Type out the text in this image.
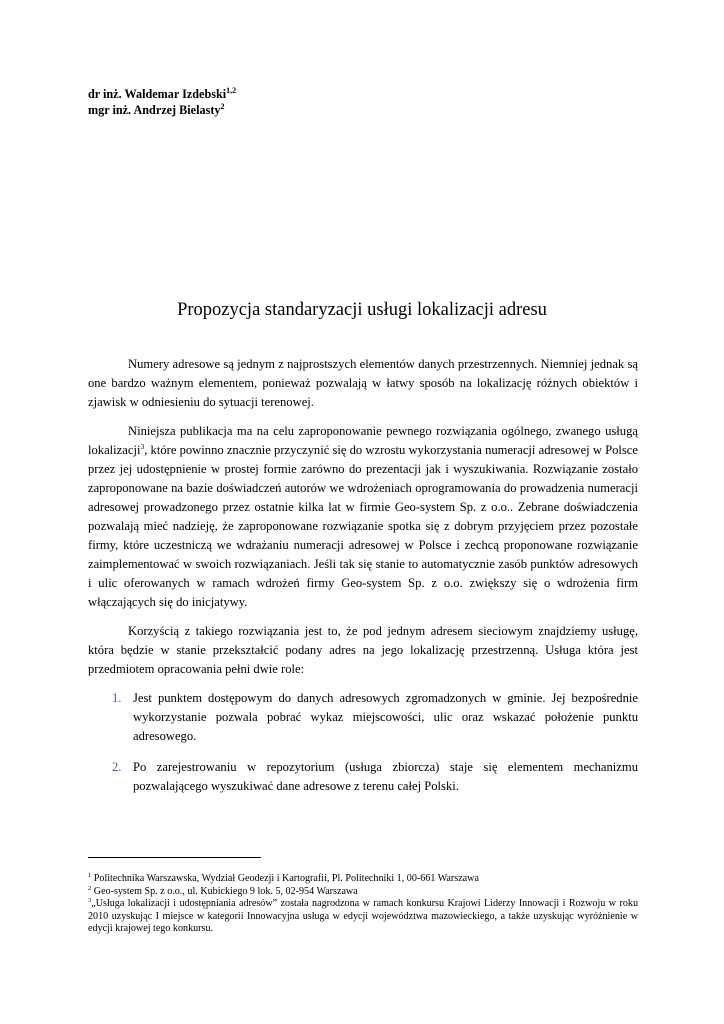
dr inż. Waldemar Izdebski$^{1,2}$
mgr inż. Andrzej Bielasty$^2$
Propozycja standaryzacji usługi lokalizacji adresu

Numery adresowe są jednym z najprostszych elementów danych przestrzennych. Niemniej jednak są one bardzo ważnym elementem, ponieważ pozwalają w łatwy sposób na lokalizację różnych obiektów i zjawisk w odniesieniu do sytuacji terenowej.

Niniejsza publikacja ma na celu zaproponowanie pewnego rozwiązania ogólnego, zwanego usługą lokalizacji$^3$, które powinno znacznie przyczynić się do wzrostu wykorzystania numeracji adresowej w Polsce przez jej udostępnienie w prostej formie zarówno do prezentacji jak i wyszukiwania. Rozwiązanie zostało zaproponowane na bazie doświadczeń autorów we wdrożeniach oprogramowania do prowadzenia numeracji adresowej prowadzonego przez ostatnie kilka lat w firmie Geo-system Sp. z o.o.. Zebrane doświadczenia pozwalają mieć nadzieję, że zaproponowane rozwiązanie spotka się z dobrym przyjęciem przez pozostałe firmy, które uczestniczą we wdrażaniu numeracji adresowej w Polsce i zechcą proponowane rozwiązanie zaimplementować w swoich rozwiązaniach. Jeśli tak się stanie to automatycznie zasób punktów adresowych i ulic oferowanych w ramach wdrożeń firmy Geo-system Sp. z o.o. zwiększy się o wdrożenia firm włączających się do inicjatywy.

Korzyścią z takiego rozwiązania jest to, że pod jednym adresem sieciowym znajdziemy usługę, która będzie w stanie przekształcić podany adres na jego lokalizację przestrzenną. Usługa która jest przedmiotem opracowania pełni dwie role:

1. Jest punktem dostępowym do danych adresowych zgromadzonych w gminie. Jej bezpośrednie wykorzystanie pozwala pobrać wykaz miejscowości, ulic oraz wskazać położenie punktu adresowego.
2. Po zarejestrowaniu w repozytorium (usługa zbiorcza) staje się elementem mechanizmu pozwalającego wyszukiwać dane adresowe z terenu całej Polski.
$^1$ Politechnika Warszawska, Wydział Geodezji i Kartografii, Pl. Politechniki 1, 00-661 Warszawa
$^2$ Geo-system Sp. z o.o., ul. Kubickiego 9 lok. 5, 02-954 Warszawa
$^3$„Usługa lokalizacji i udostępniania adresów” została nagrodzona w ramach konkursu Krajowi Liderzy Innowacji i Rozwoju w roku 2010 uzyskując I miejsce w kategorii Innowacyjna usługa w edycji województwa mazowieckiego, a także uzyskując wyróżnienie w edycji krajowej tego konkursu.
